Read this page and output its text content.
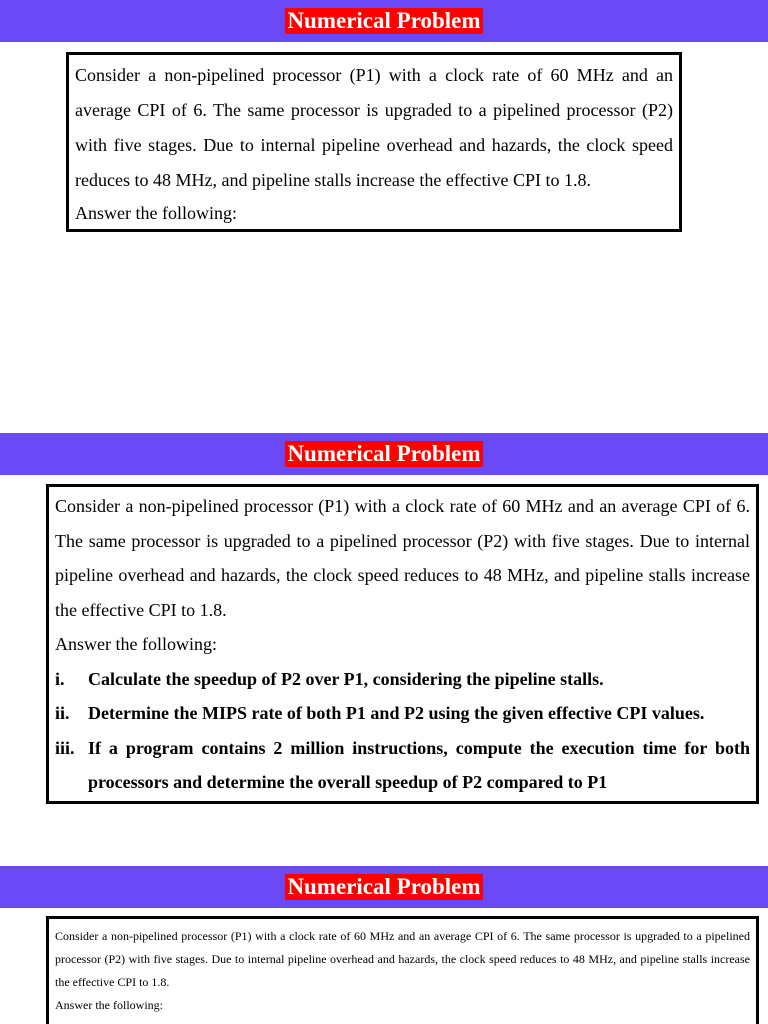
Numerical Problem

Consider a non-pipelined processor (P1) with a clock rate of 60 MHz and an average CPI of 6. The same processor is upgraded to a pipelined processor (P2) with five stages. Due to internal pipeline overhead and hazards, the clock speed reduces to 48 MHz, and pipeline stalls increase the effective CPI to 1.8.

Answer the following:

Numerical Problem

Consider a non-pipelined processor (P1) with a clock rate of 60 MHz and an average CPI of 6. The same processor is upgraded to a pipelined processor (P2) with five stages. Due to internal pipeline overhead and hazards, the clock speed reduces to 48 MHz, and pipeline stalls increase the effective CPI to 1.8.

Answer the following:

i.	Calculate the speedup of P2 over P1, considering the pipeline stalls.
ii.	Determine the MIPS rate of both P1 and P2 using the given effective CPI values.
iii. If a program contains 2 million instructions, compute the execution time for both processors and determine the overall speedup of P2 compared to P1
Numerical Problem

Consider a non-pipelined processor (P1) with a clock rate of 60 MHz and an average CPI of 6. The same processor is upgraded to a pipelined processor (P2) with five stages. Due to internal pipeline overhead and hazards, the clock speed reduces to 48 MHz, and pipeline stalls increase the effective CPI to 1.8.

Answer the following:
